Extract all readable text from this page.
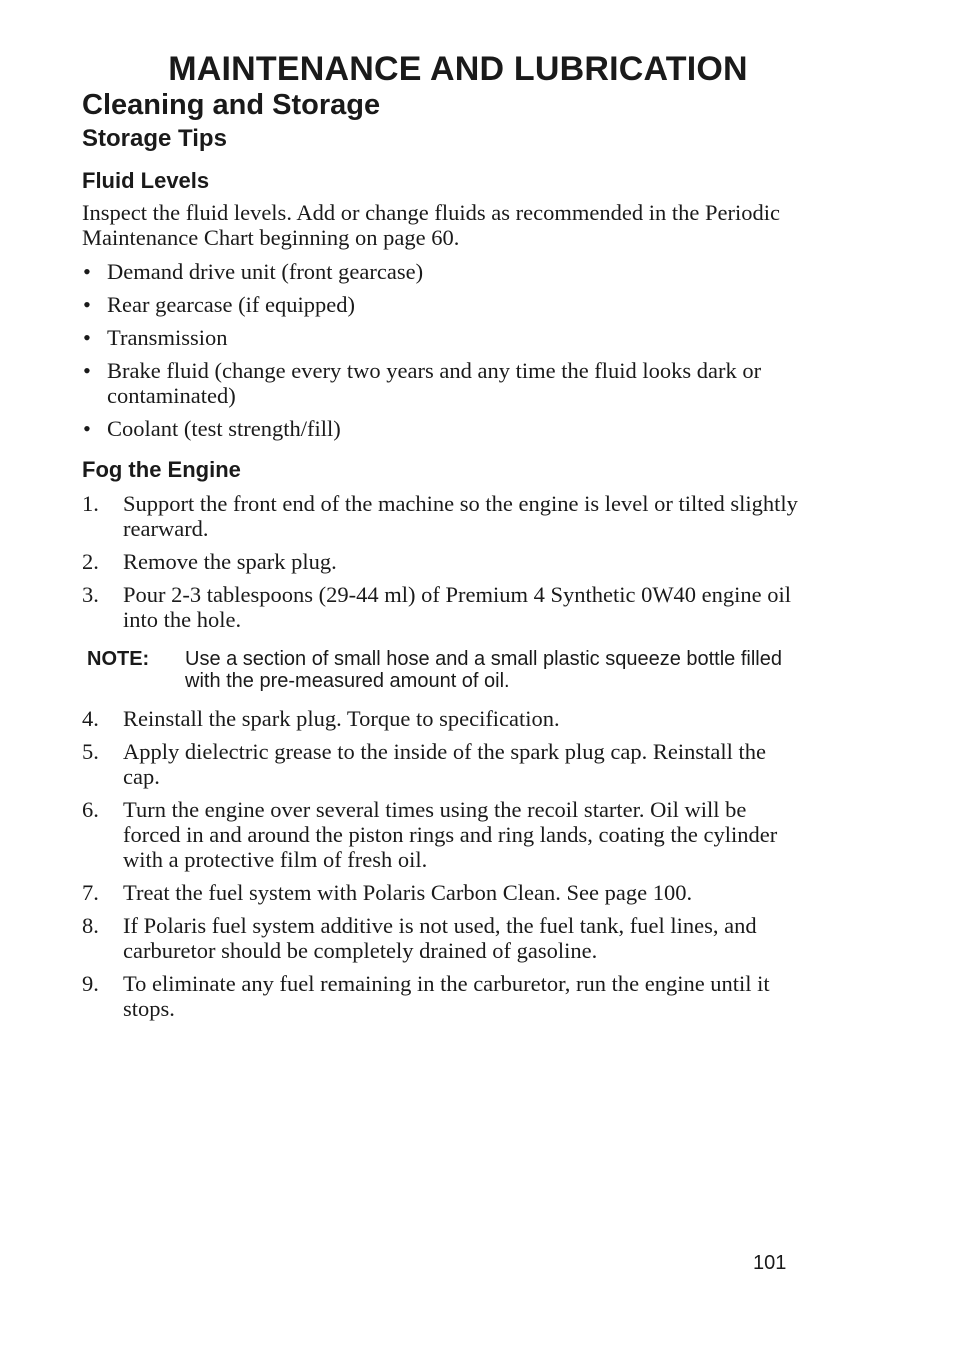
MAINTENANCE AND LUBRICATION
Cleaning and Storage
Storage Tips
Fluid Levels
Inspect the fluid levels. Add or change fluids as recommended in the Periodic Maintenance Chart beginning on page 60.
• Demand drive unit (front gearcase)
• Rear gearcase (if equipped)
• Transmission
• Brake fluid (change every two years and any time the fluid looks dark or contaminated)
• Coolant (test strength/fill)
Fog the Engine
1. Support the front end of the machine so the engine is level or tilted slightly rearward.
2. Remove the spark plug.
3. Pour 2-3 tablespoons (29-44 ml) of Premium 4 Synthetic 0W40 engine oil into the hole.
NOTE:	Use a section of small hose and a small plastic squeeze bottle filled with the pre-measured amount of oil.
4. Reinstall the spark plug. Torque to specification.
5. Apply dielectric grease to the inside of the spark plug cap. Reinstall the cap.
6. Turn the engine over several times using the recoil starter. Oil will be forced in and around the piston rings and ring lands, coating the cylinder with a protective film of fresh oil.
7. Treat the fuel system with Polaris Carbon Clean. See page 100.
8. If Polaris fuel system additive is not used, the fuel tank, fuel lines, and carburetor should be completely drained of gasoline.
9. To eliminate any fuel remaining in the carburetor, run the engine until it stops.
101
